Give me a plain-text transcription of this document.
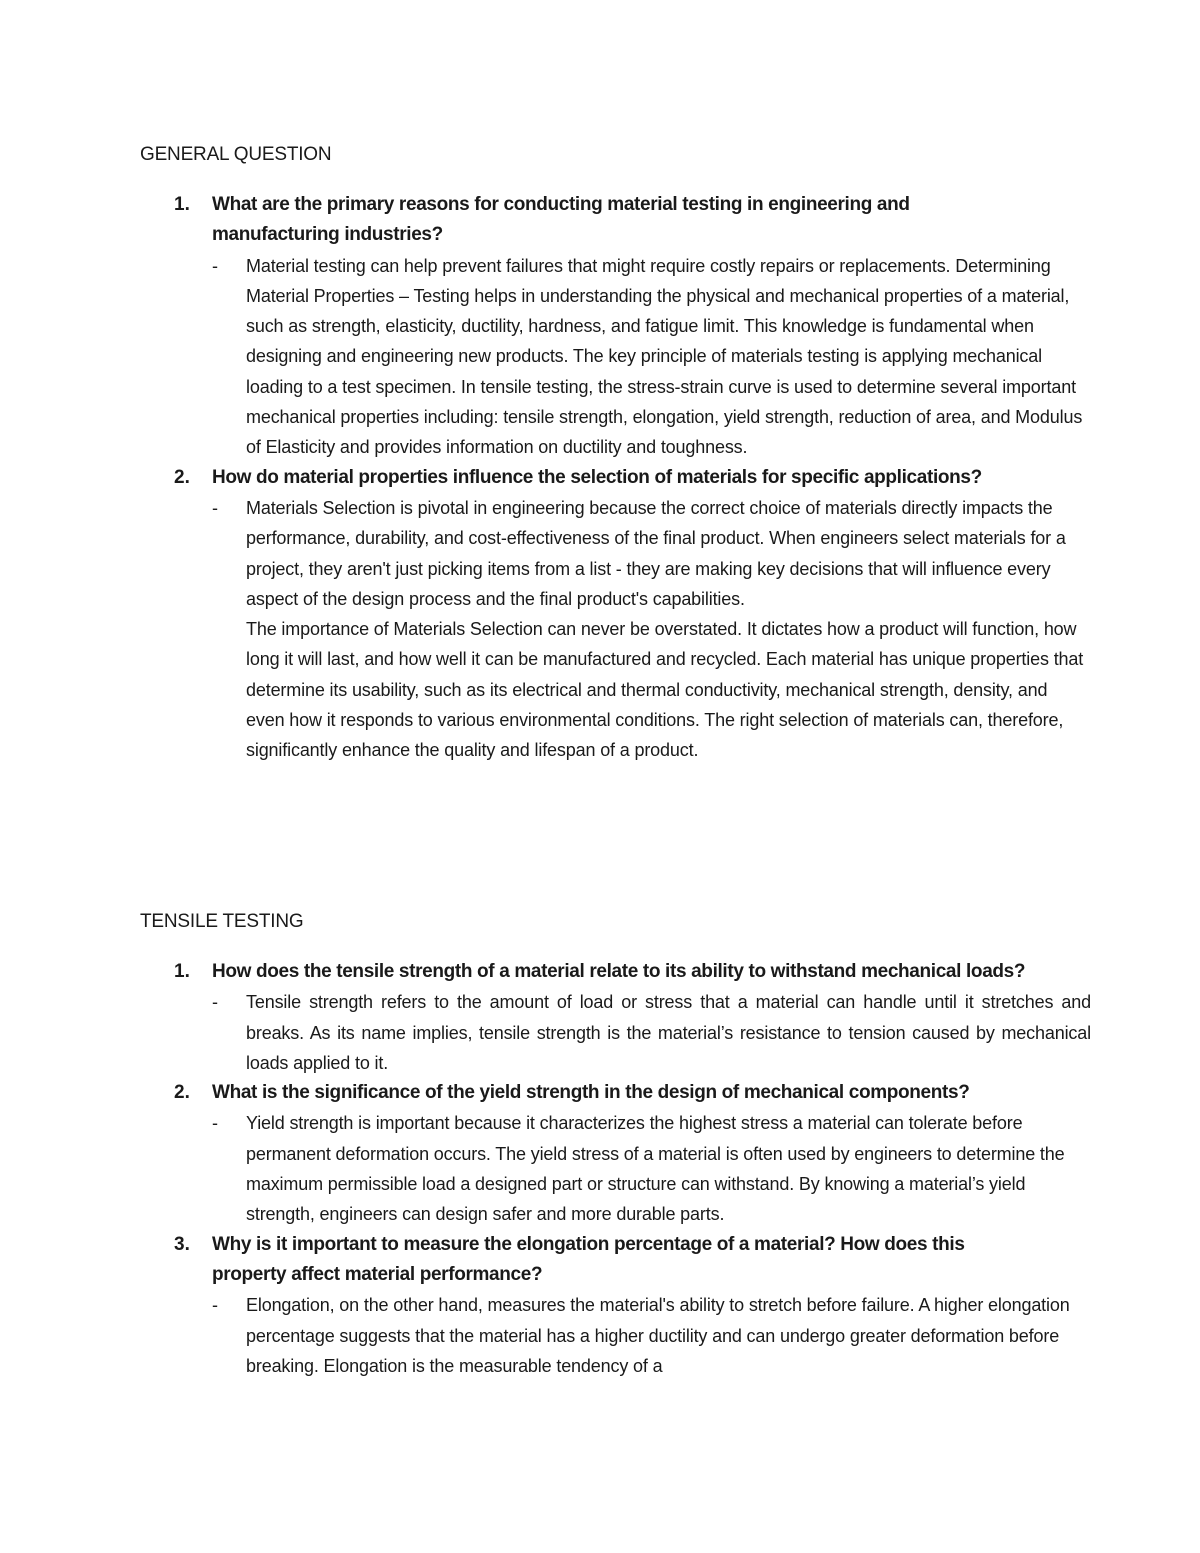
GENERAL QUESTION
1. What are the primary reasons for conducting material testing in engineering and manufacturing industries?

- Material testing can help prevent failures that might require costly repairs or replacements. Determining Material Properties – Testing helps in understanding the physical and mechanical properties of a material, such as strength, elasticity, ductility, hardness, and fatigue limit. This knowledge is fundamental when designing and engineering new products. The key principle of materials testing is applying mechanical loading to a test specimen. In tensile testing, the stress-strain curve is used to determine several important mechanical properties including: tensile strength, elongation, yield strength, reduction of area, and Modulus of Elasticity and provides information on ductility and toughness.

2. How do material properties influence the selection of materials for specific applications?

- Materials Selection is pivotal in engineering because the correct choice of materials directly impacts the performance, durability, and cost-effectiveness of the final product. When engineers select materials for a project, they aren't just picking items from a list - they are making key decisions that will influence every aspect of the design process and the final product's capabilities.

The importance of Materials Selection can never be overstated. It dictates how a product will function, how long it will last, and how well it can be manufactured and recycled. Each material has unique properties that determine its usability, such as its electrical and thermal conductivity, mechanical strength, density, and even how it responds to various environmental conditions. The right selection of materials can, therefore, significantly enhance the quality and lifespan of a product.

TENSILE TESTING
1. How does the tensile strength of a material relate to its ability to withstand mechanical loads?

- Tensile strength refers to the amount of load or stress that a material can handle until it stretches and breaks. As its name implies, tensile strength is the material’s resistance to tension caused by mechanical loads applied to it.

2. What is the significance of the yield strength in the design of mechanical components?

- Yield strength is important because it characterizes the highest stress a material can tolerate before permanent deformation occurs. The yield stress of a material is often used by engineers to determine the maximum permissible load a designed part or structure can withstand. By knowing a material’s yield strength, engineers can design safer and more durable parts.

3. Why is it important to measure the elongation percentage of a material? How does this property affect material performance?

- Elongation, on the other hand, measures the material's ability to stretch before failure. A higher elongation percentage suggests that the material has a higher ductility and can undergo greater deformation before breaking. Elongation is the measurable tendency of a
